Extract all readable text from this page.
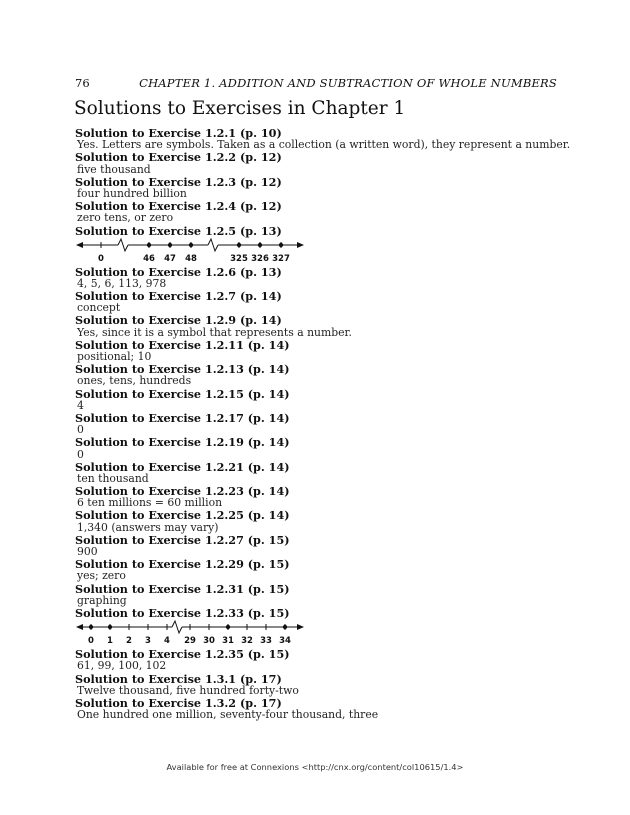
76	CHAPTER 1. ADDITION AND SUBTRACTION OF WHOLE NUMBERS
Solutions to Exercises in Chapter 1
Solution to Exercise 1.2.1 (p. 10)
Yes. Letters are symbols. Taken as a collection (a written word), they represent a number.
Solution to Exercise 1.2.2 (p. 12)
five thousand
Solution to Exercise 1.2.3 (p. 12)
four hundred billion
Solution to Exercise 1.2.4 (p. 12)
zero tens, or zero
Solution to Exercise 1.2.5 (p. 13)
0	46 47 48	325 326 327
Solution to Exercise 1.2.6 (p. 13)
4, 5, 6, 113, 978
Solution to Exercise 1.2.7 (p. 14)
concept
Solution to Exercise 1.2.9 (p. 14)
Yes, since it is a symbol that represents a number.
Solution to Exercise 1.2.11 (p. 14)
positional; 10
Solution to Exercise 1.2.13 (p. 14)
ones, tens, hundreds
Solution to Exercise 1.2.15 (p. 14)
4
Solution to Exercise 1.2.17 (p. 14)
0
Solution to Exercise 1.2.19 (p. 14)
0
Solution to Exercise 1.2.21 (p. 14)
ten thousand
Solution to Exercise 1.2.23 (p. 14)
6 ten millions = 60 million
Solution to Exercise 1.2.25 (p. 14)
1,340 (answers may vary)
Solution to Exercise 1.2.27 (p. 15)
900
Solution to Exercise 1.2.29 (p. 15)
yes; zero
Solution to Exercise 1.2.31 (p. 15)
graphing
Solution to Exercise 1.2.33 (p. 15)
0 1 2 3 4 29 30 31 32 33 34
Solution to Exercise 1.2.35 (p. 15)
61, 99, 100, 102
Solution to Exercise 1.3.1 (p. 17)
Twelve thousand, five hundred forty-two
Solution to Exercise 1.3.2 (p. 17)
One hundred one million, seventy-four thousand, three
Available for free at Connexions <http://cnx.org/content/col10615/1.4>
